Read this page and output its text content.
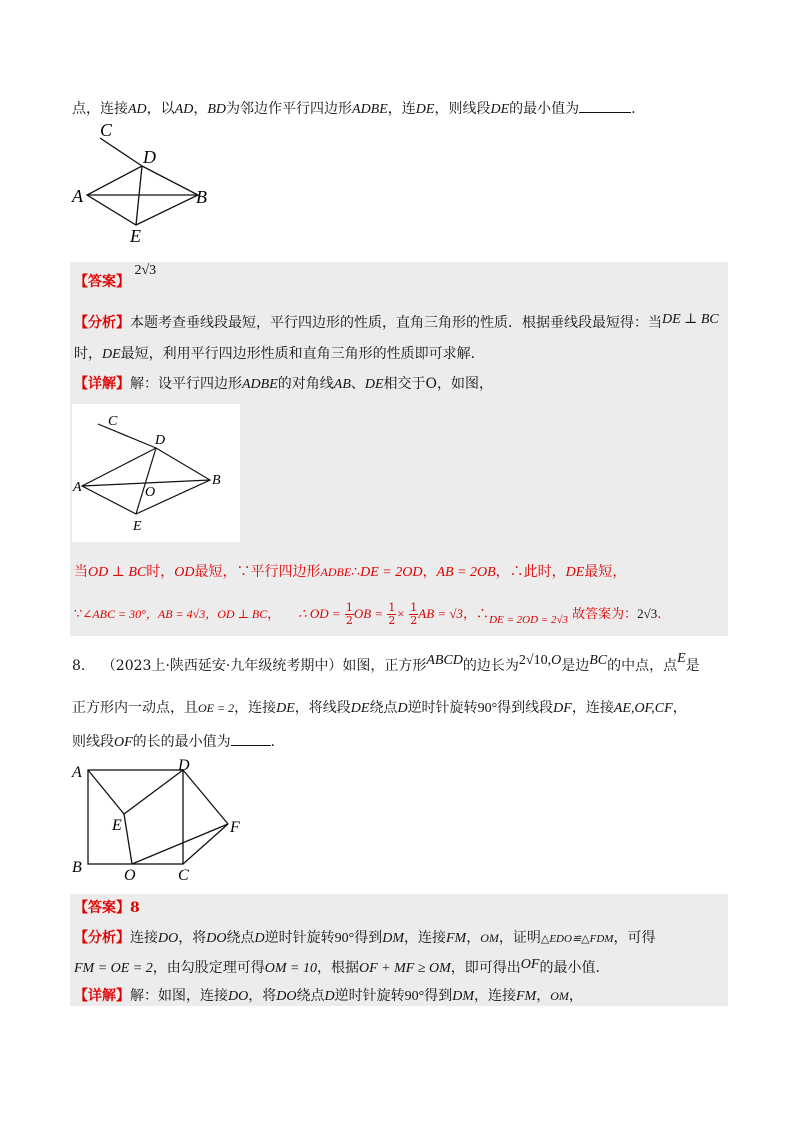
点，连接AD，以AD，BD为邻边作平行四边形ADBE，连DE，则线段DE的最小值为	.
C
D
A	B
E
【答案】 2√3
【分析】本题考查垂线段最短，平行四边形的性质，直角三角形的性质．根据垂线段最短得：当DE ⊥ BC
时，DE最短，利用平行四边形性质和直角三角形的性质即可求解．
【详解】解：设平行四边形ADBE的对角线AB、DE相交于O，如图，
C
D
A	O
B
E
当OD ⊥ BC时，OD最短，∵平行四边形ADBE∴DE = 2OD，AB = 2OB，∴此时，DE最短，
∵∠ABC = 30°，AB = 4√3，OD ⊥ BC， ∴ OD = $\frac{1}{2}$ OB = $\frac{1}{2} \times \frac{1}{2}$ AB = √3，$\therefore_{DE = 2OD = 2√3}$ 故答案为：2√3.
8. （2023上·陕西延安·九年级统考期中）如图，正方形ABCD的边长为2√10,O是边BC的中点，点E是
正方形内一动点，且OE = 2，连接DE，将线段DE绕点D逆时针旋转90°得到线段DF，连接AE,OF,CF，
则线段OF的长的最小值为	.
A	D
E	F
B	O	C
【答案】8
【分析】连接DO，将DO绕点D逆时针旋转90°得到DM，连接FM，OM，证明△EDO≌△FDM，可得
FM = OE = 2，由勾股定理可得OM = 10，根据OF + MF ≥ OM，即可得出OF的最小值．
【详解】解：如图，连接DO，将DO绕点D逆时针旋转90°得到DM，连接FM，OM，
